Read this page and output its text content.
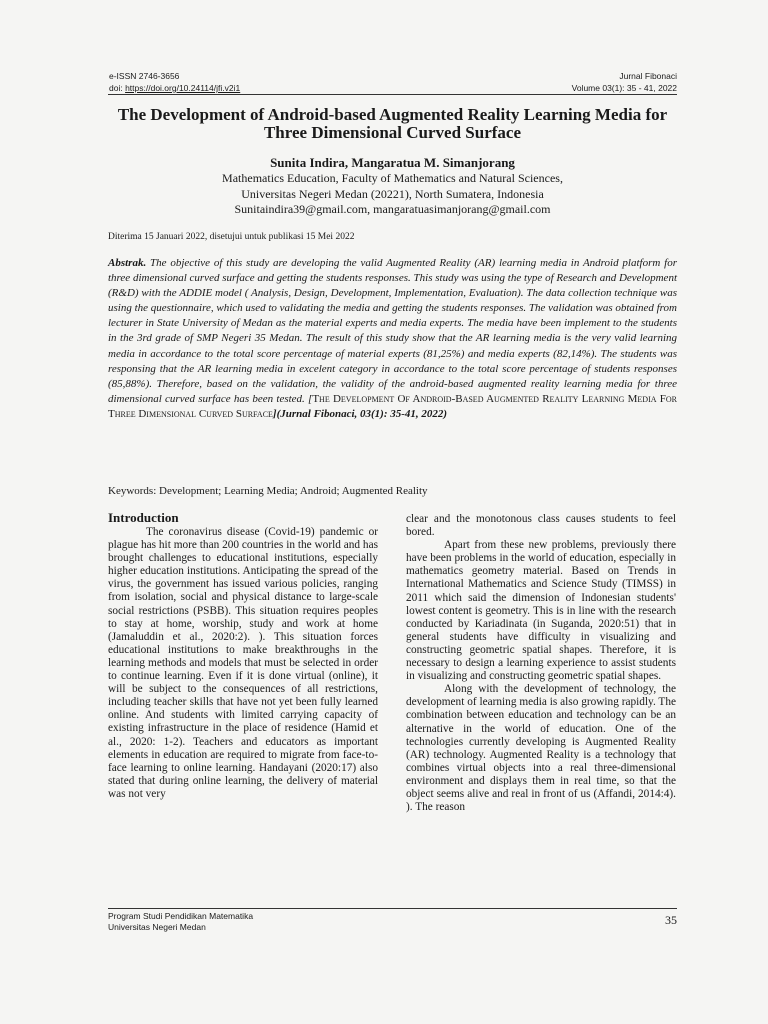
e-ISSN 2746-3656
doi: https://doi.org/10.24114/jfi.v2i1
Jurnal Fibonaci
Volume 03(1): 35 - 41, 2022
The Development of Android-based Augmented Reality Learning Media for Three Dimensional Curved Surface
Sunita Indira, Mangaratua M. Simanjorang
Mathematics Education, Faculty of Mathematics and Natural Sciences,
Universitas Negeri Medan (20221), North Sumatera, Indonesia
Sunitaindira39@gmail.com, mangaratuasimanjorang@gmail.com
Diterima 15 Januari 2022, disetujui untuk publikasi 15 Mei 2022

Abstrak. The objective of this study are developing the valid Augmented Reality (AR) learning media in Android platform for three dimensional curved surface and getting the students responses. This study was using the type of Research and Development (R&D) with the ADDIE model ( Analysis, Design, Development, Implementation, Evaluation). The data collection technique was using the questionnaire, which used to validating the media and getting the students responses. The validation was obtained from lecturer in State University of Medan as the material experts and media experts. The media have been implement to the students in the 3rd grade of SMP Negeri 35 Medan. The result of this study show that the AR learning media is the very valid learning media in accordance to the total score percentage of material experts (81,25%) and media experts (82,14%). The students was responsing that the AR learning media in excelent category in accordance to the total score percentage of students responses (85,88%). Therefore, based on the validation, the validity of the android-based augmented reality learning media for three dimensional curved surface has been tested. [The Development Of Android-Based Augmented Reality Learning Media For Three Dimensional Curved Surface](Jurnal Fibonaci, 03(1): 35-41, 2022)

Keywords: Development; Learning Media; Android; Augmented Reality
Introduction

The coronavirus disease (Covid-19) pandemic or plague has hit more than 200 countries in the world and has brought challenges to educational institutions, especially higher education institutions. Anticipating the spread of the virus, the government has issued various policies, ranging from isolation, social and physical distance to large-scale social restrictions (PSBB). This situation requires peoples to stay at home, worship, study and work at home (Jamaluddin et al., 2020:2). ). This situation forces educational institutions to make breakthroughs in the learning methods and models that must be selected in order to continue learning. Even if it is done virtual (online), it will be subject to the consequences of all restrictions, including teacher skills that have not yet been fully learned online. And students with limited carrying capacity of existing infrastructure in the place of residence (Hamid et al., 2020: 1-2). Teachers and educators as important elements in education are required to migrate from face-to-face learning to online learning. Handayani (2020:17) also stated that during online learning, the delivery of material was not very

clear and the monotonous class causes students to feel bored.

Apart from these new problems, previously there have been problems in the world of education, especially in mathematics geometry material. Based on Trends in International Mathematics and Science Study (TIMSS) in 2011 which said the dimension of Indonesian students' lowest content is geometry. This is in line with the research conducted by Kariadinata (in Suganda, 2020:51) that in general students have difficulty in visualizing and constructing geometric spatial shapes. Therefore, it is necessary to design a learning experience to assist students in visualizing and constructing geometric spatial shapes.

Along with the development of technology, the development of learning media is also growing rapidly. The combination between education and technology can be an alternative in the world of education. One of the technologies currently developing is Augmented Reality (AR) technology. Augmented Reality is a technology that combines virtual objects into a real three-dimensional environment and displays them in real time, so that the object seems alive and real in front of us (Affandi, 2014:4). ). The reason

Program Studi Pendidikan Matematika
Universitas Negeri Medan	35
